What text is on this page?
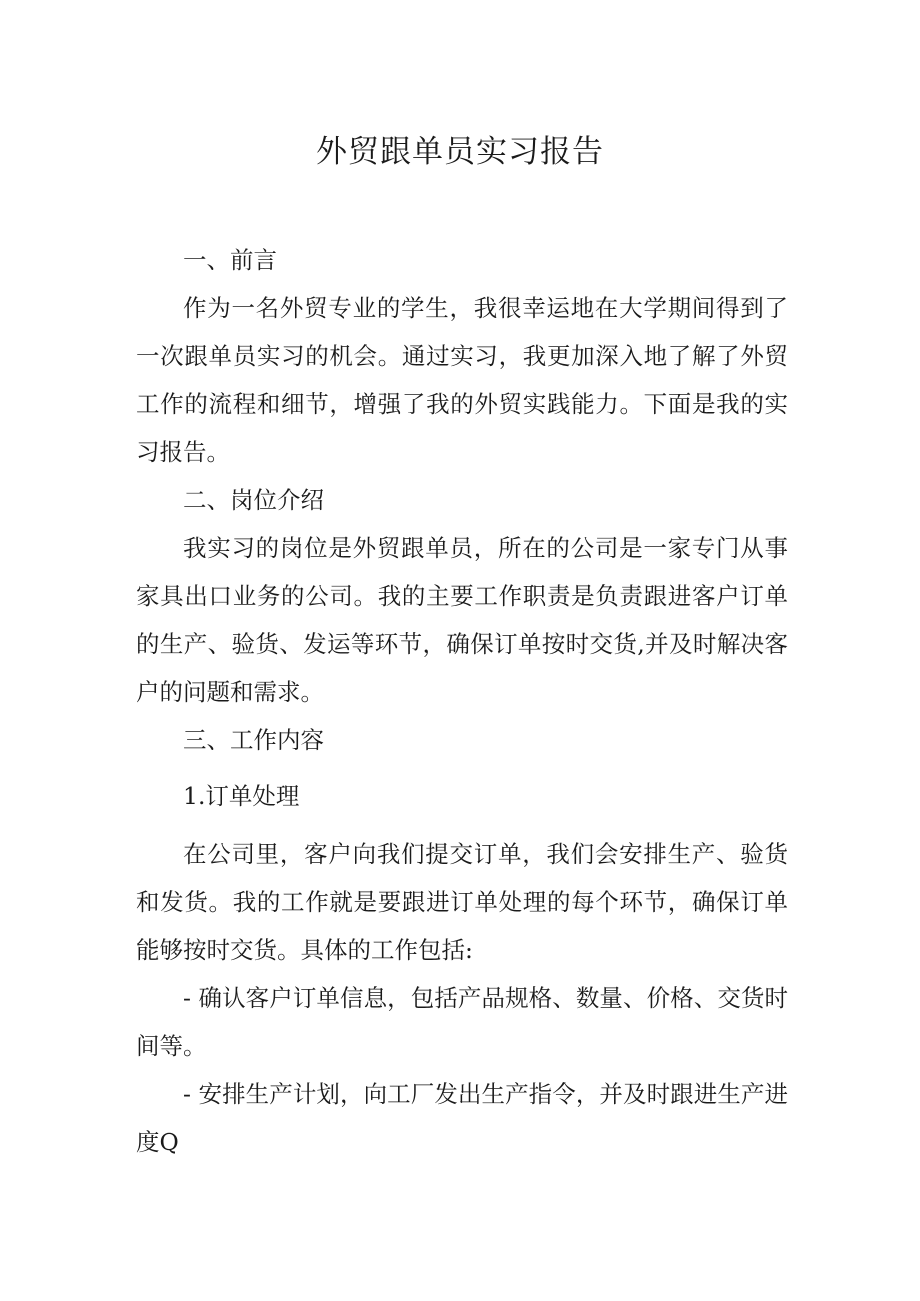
外贸跟单员实习报告

一、前言

作为一名外贸专业的学生，我很幸运地在大学期间得到了一次跟单员实习的机会。通过实习，我更加深入地了解了外贸工作的流程和细节，增强了我的外贸实践能力。下面是我的实习报告。

二、岗位介绍

我实习的岗位是外贸跟单员，所在的公司是一家专门从事家具出口业务的公司。我的主要工作职责是负责跟进客户订单的生产、验货、发运等环节，确保订单按时交货,并及时解决客户的问题和需求。

三、工作内容

1.订单处理

在公司里，客户向我们提交订单，我们会安排生产、验货和发货。我的工作就是要跟进订单处理的每个环节，确保订单能够按时交货。具体的工作包括:

- 确认客户订单信息，包括产品规格、数量、价格、交货时间等。

- 安排生产计划，向工厂发出生产指令，并及时跟进生产进度Q
